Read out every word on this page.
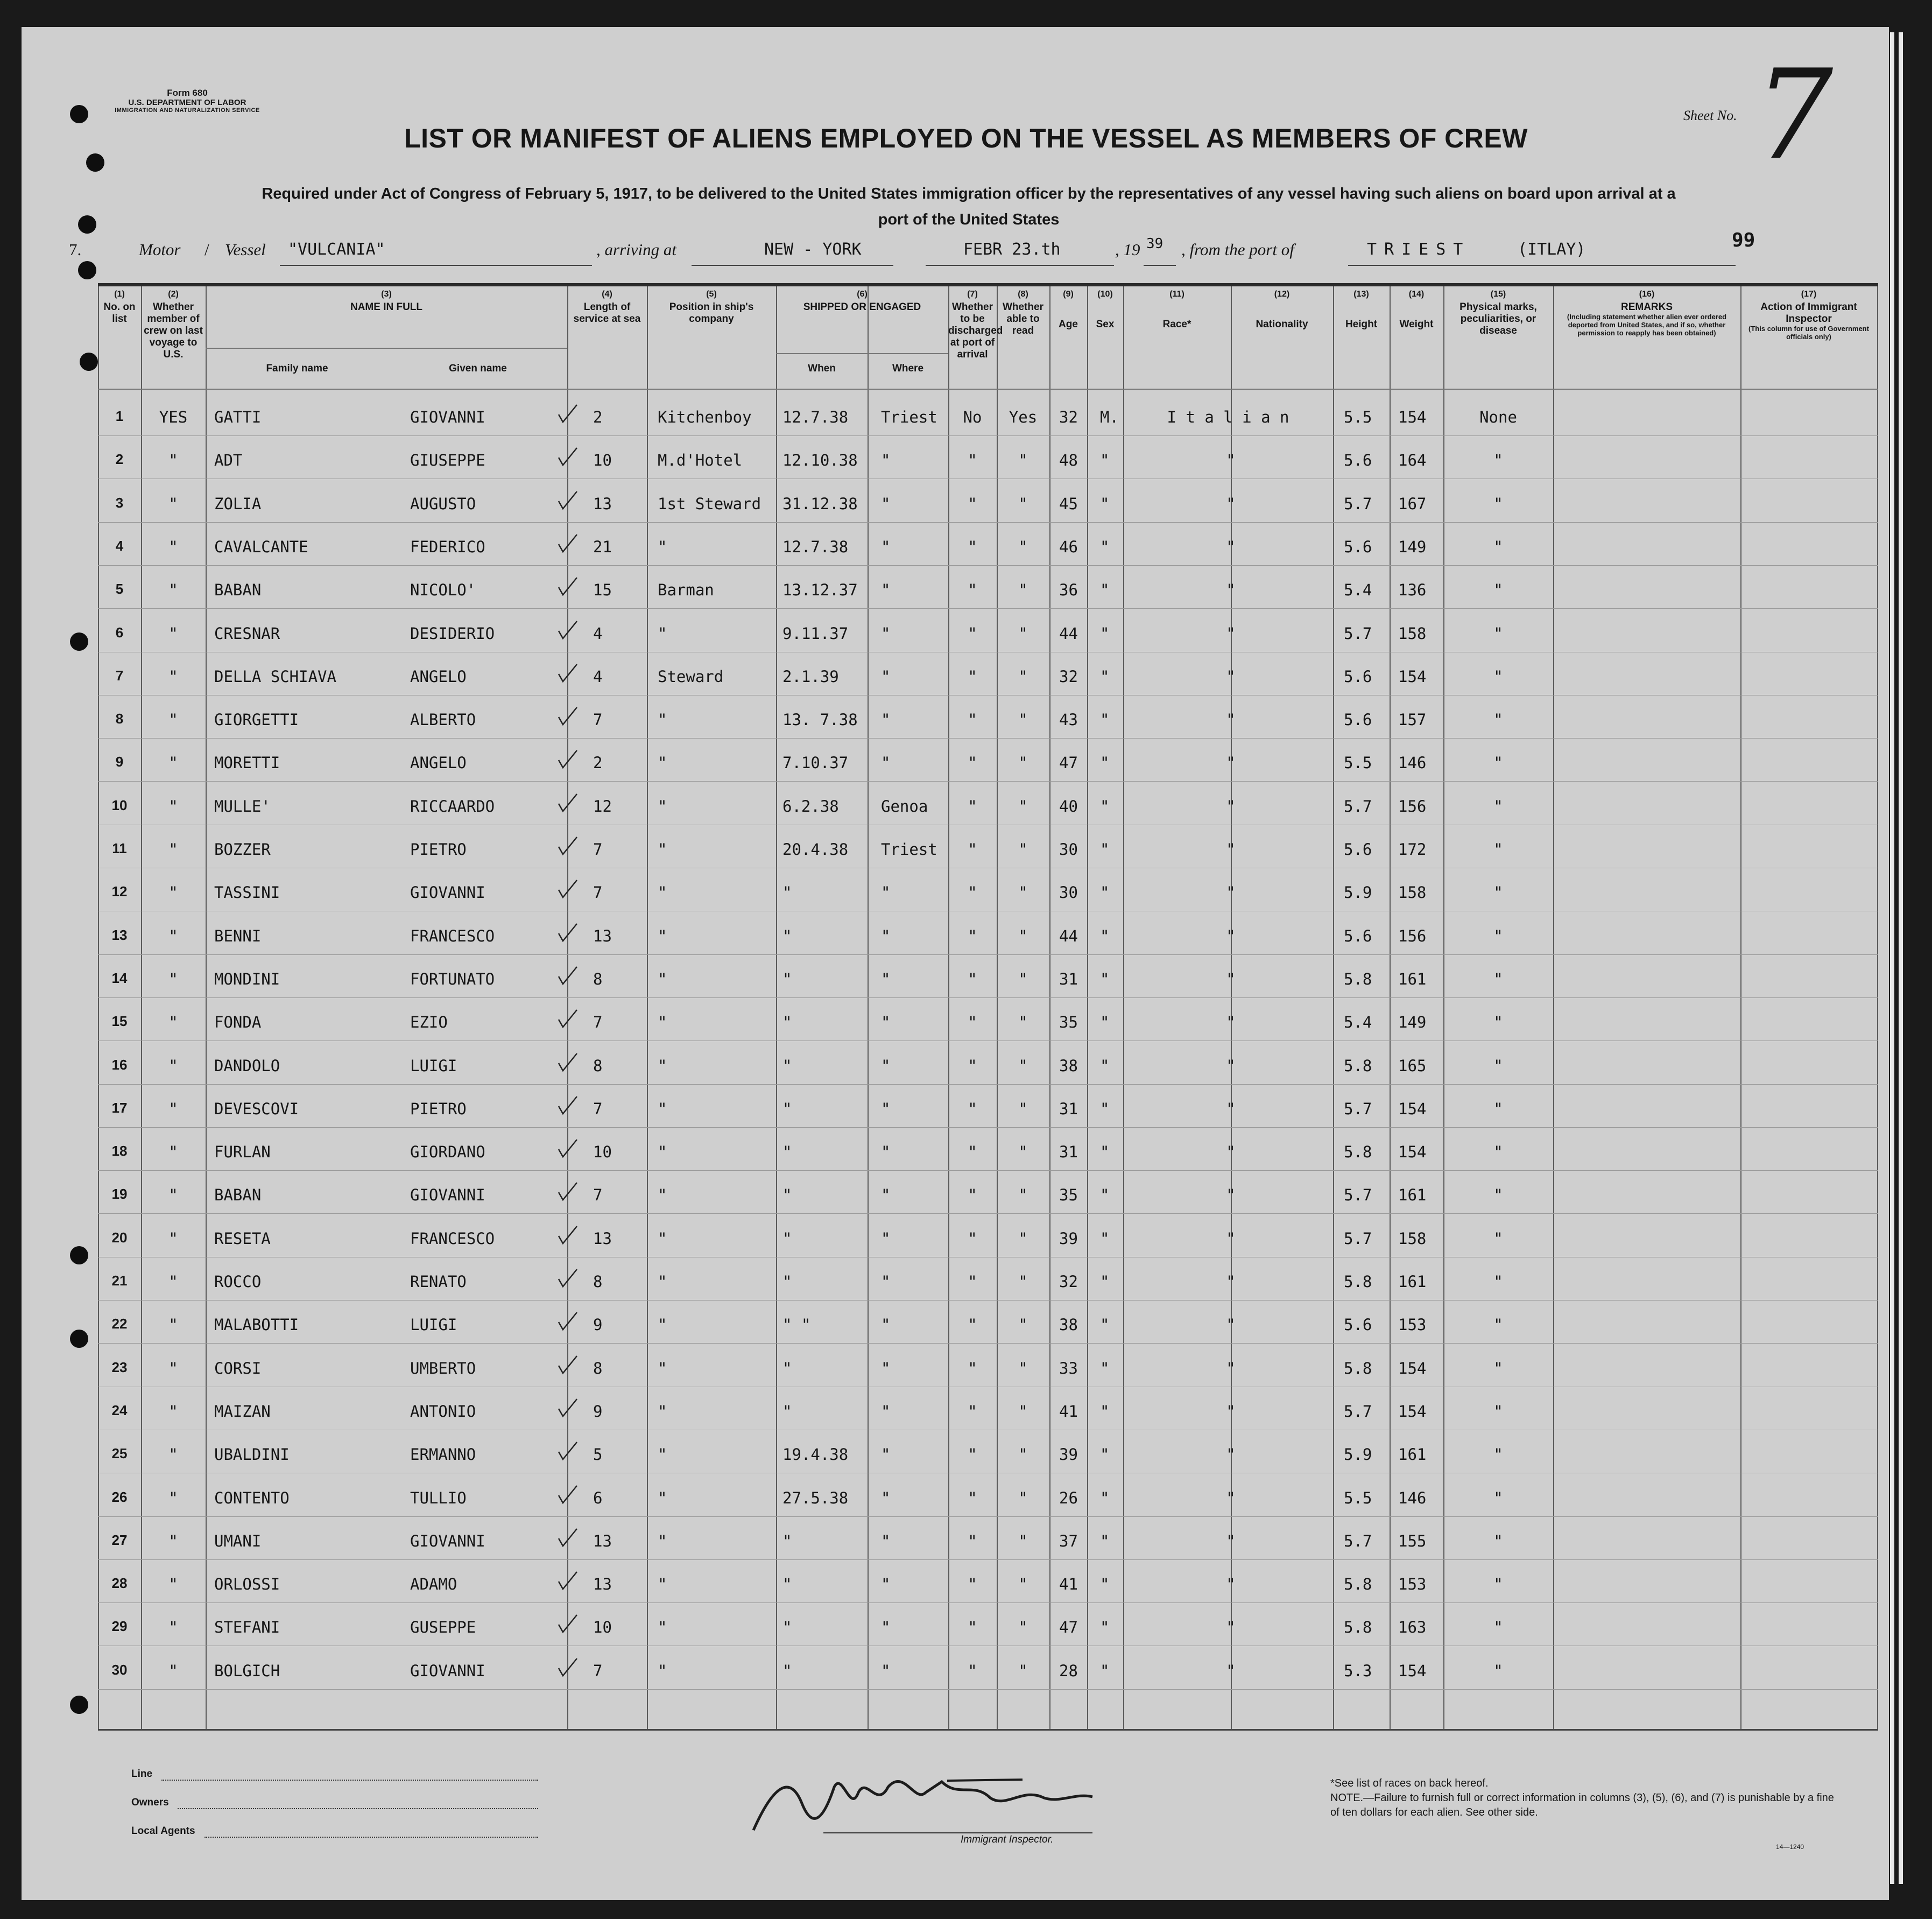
Form 680
U.S. DEPARTMENT OF LABOR
IMMIGRATION AND NATURALIZATION SERVICE
LIST OR MANIFEST OF ALIENS EMPLOYED ON THE VESSEL AS MEMBERS OF CREW
Required under Act of Congress of February 5, 1917, to be delivered to the United States immigration officer by the representatives of any vessel having such aliens on board upon arrival at a
port of the United States
Sheet No. 7
99
7.	Motor / Vessel "VULCANIA"	, arriving at	NEW - YORK	FEBR 23.th	, 19 39 , from the port of	TRIEST	(ITLAY)
(1)
No. on list
(2)
Whether member of crew on last voyage to U.S.
(3)
NAME IN FULL
Family name	Given name
(4)
Length of service at sea
(5)
Position in ship's company
(6)
SHIPPED OR ENGAGED
When	Where
(7)
Whether to be discharged at port of arrival
(8)
Whether able to read
(9)
Age
(10)
Sex
(11)
Race*
(12)
Nationality
(13)
Height
(14)
Weight
(15)
Physical marks, peculiarities, or disease
(16)
REMARKS
(Including statement whether alien ever ordered deported from United States, and if so, whether permission to reapply has been obtained)
(17)
Action of Immigrant Inspector
(This column for use of Government officials only)
1	YES	GATTI	GIOVANNI	2	Kitchenboy 12.7.38 Triest	No	Yes	32 M.	I t a l i a n	5.5 154	None
2	"	ADT	GIUSEPPE	10	M.d'Hotel	12.10.38 "	"	"	48 "	"	5.6 164	"
3	"	ZOLIA	AUGUSTO	13	1st Steward 31.12.38 "	"	"	45 "	"	5.7 167	"
4	"	CAVALCANTE	FEDERICO	21	"	12.7.38 "	"	"	46 "	"	5.6 149	"
5	"	BABAN	NICOLO'	15	Barman	13.12.37 "	"	"	36 "	"	5.4 136	"
6	"	CRESNAR	DESIDERIO	4	"	9.11.37 "	"	"	44 "	"	5.7 158	"
7	"	DELLA SCHIAVA	ANGELO	4	Steward	2.1.39	"	"	"	32 "	"	5.6 154	"
8	"	GIORGETTI	ALBERTO	7	"	13. 7.38 "	"	"	43 "	"	5.6 157	"
9	"	MORETTI	ANGELO	2	"	7.10.37 "	"	"	47 "	"	5.5 146	"
10	"	MULLE'	RICCAARDO	12	"	6.2.38	Genoa	"	"	40 "	"	5.7 156	"
11	"	BOZZER	PIETRO	7	"	20.4.38 Triest	"	"	30 "	"	5.6 172	"
12	"	TASSINI	GIOVANNI	7	"	"	"	"	"	30 "	"	5.9 158	"
13	"	BENNI	FRANCESCO	13	"	"	"	"	"	44 "	"	5.6 156	"
14	"	MONDINI	FORTUNATO	8	"	"	"	"	"	31 "	"	5.8 161	"
15	"	FONDA	EZIO	7	"	"	"	"	"	35 "	"	5.4 149	"
16	"	DANDOLO	LUIGI	8	"	"	"	"	"	38 "	"	5.8 165	"
17	"	DEVESCOVI	PIETRO	7	"	"	"	"	"	31 "	"	5.7 154	"
18	"	FURLAN	GIORDANO	10	"	"	"	"	"	31 "	"	5.8 154	"
19	"	BABAN	GIOVANNI	7	"	"	"	"	"	35 "	"	5.7 161	"
20	"	RESETA	FRANCESCO	13	"	"	"	"	"	39 "	"	5.7 158	"
21	"	ROCCO	RENATO	8	"	"	"	"	"	32 "	"	5.8 161	"
22	"	MALABOTTI	LUIGI	9	"	" "	"	"	"	38 "	"	5.6 153	"
23	"	CORSI	UMBERTO	8	"	"	"	"	"	33 "	"	5.8 154	"
24	"	MAIZAN	ANTONIO	9	"	"	"	"	"	41 "	"	5.7 154	"
25	"	UBALDINI	ERMANNO	5	"	19.4.38 "	"	"	39 "	"	5.9 161	"
26	"	CONTENTO	TULLIO	6	"	27.5.38 "	"	"	26 "	"	5.5 146	"
27	"	UMANI	GIOVANNI	13	"	"	"	"	"	37 "	"	5.7 155	"
28	"	ORLOSSI	ADAMO	13	"	"	"	"	"	41 "	"	5.8 153	"
29	"	STEFANI	GUSEPPE	10	"	"	"	"	"	47 "	"	5.8 163	"
30	"	BOLGICH	GIOVANNI	7	"	"	"	"	"	28 "	"	5.3 154	"
Line
Owners
Local Agents
Immigrant Inspector.
*See list of races on back hereof.
NOTE.—Failure to furnish full or correct information in columns (3), (5), (6), and (7) is punishable by a fine of ten dollars for each alien. See other side.
14—1240
